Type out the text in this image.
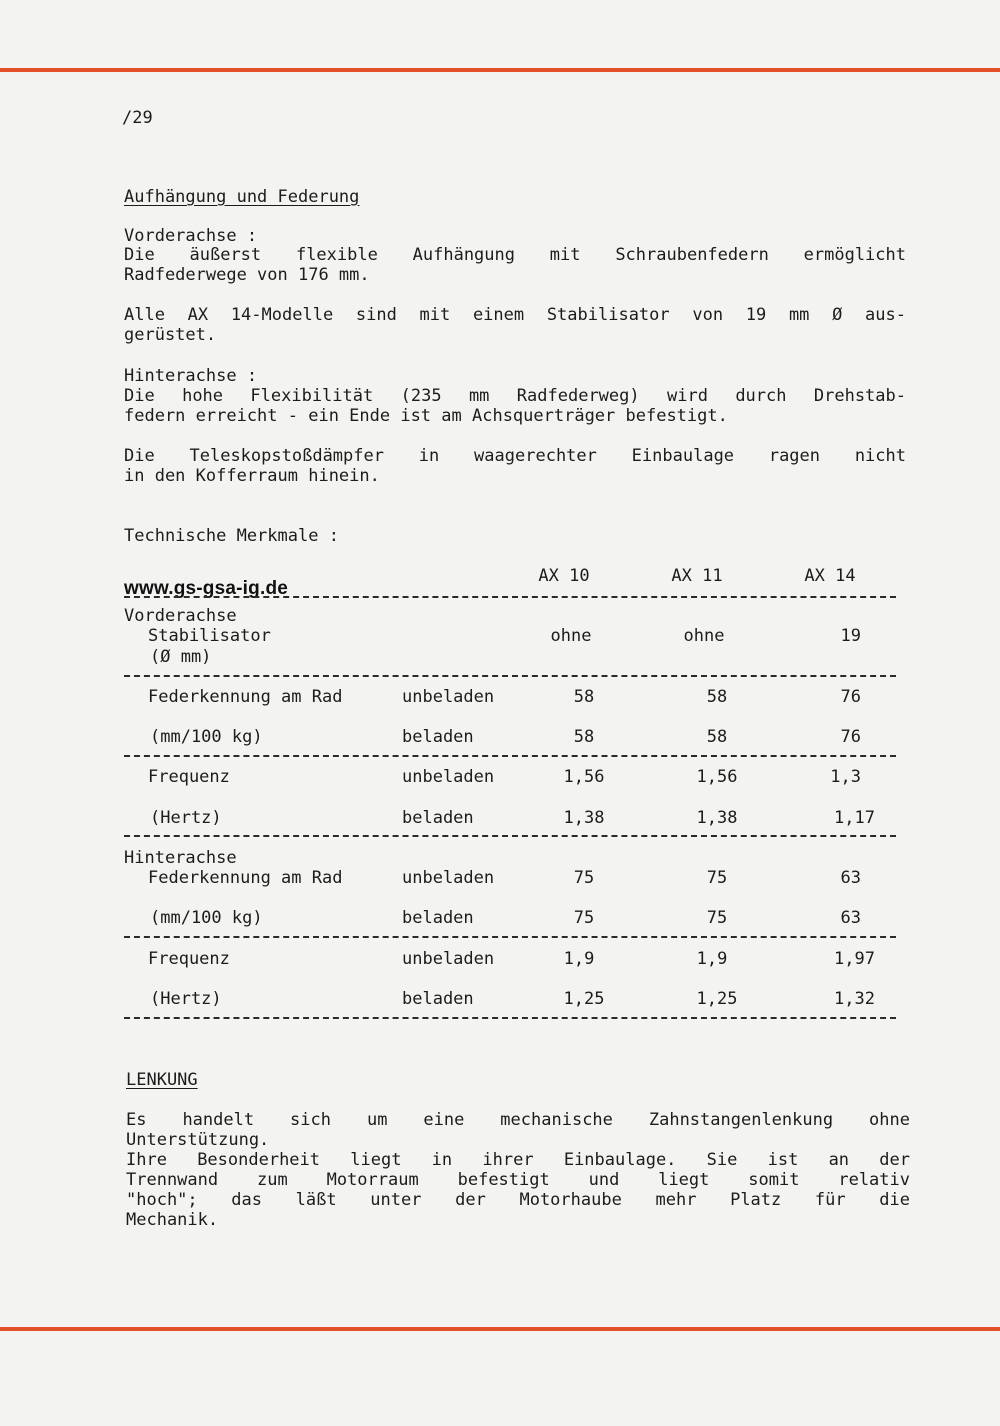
/29
Aufhängung und Federung
Vorderachse :
Die äußerst flexible Aufhängung mit Schraubenfedern ermöglicht
Radfederwege von 176 mm.
Alle AX 14-Modelle sind mit einem Stabilisator von 19 mm Ø aus-
gerüstet.
Hinterachse :
Die hohe Flexibilität (235 mm Radfederweg) wird durch Drehstab-
federn erreicht - ein Ende ist am Achsquerträger befestigt.
Die Teleskopstoßdämpfer in waagerechter Einbaulage ragen nicht
in den Kofferraum hinein.
Technische Merkmale :
AX 10	AX 11	AX 14
www.gs-gsa-ig.de
Vorderachse
Stabilisator
(Ø mm)
ohne	ohne	19
Federkennung am Rad	unbeladen	58	58	76
(mm/100 kg)	beladen	58	58	76
Frequenz	unbeladen	1,56	1,56	1,3
(Hertz)	beladen	1,38	1,38	1,17
Hinterachse
Federkennung am Rad	unbeladen	75	75	63
(mm/100 kg)	beladen	75	75	63
Frequenz	unbeladen	1,9	1,9	1,97
(Hertz)	beladen	1,25	1,25	1,32
LENKUNG
Es handelt sich um eine mechanische Zahnstangenlenkung ohne
Unterstützung.
Ihre Besonderheit liegt in ihrer Einbaulage. Sie ist an der
Trennwand zum Motorraum befestigt und liegt somit relativ
"hoch"; das läßt unter der Motorhaube mehr Platz für die
Mechanik.
